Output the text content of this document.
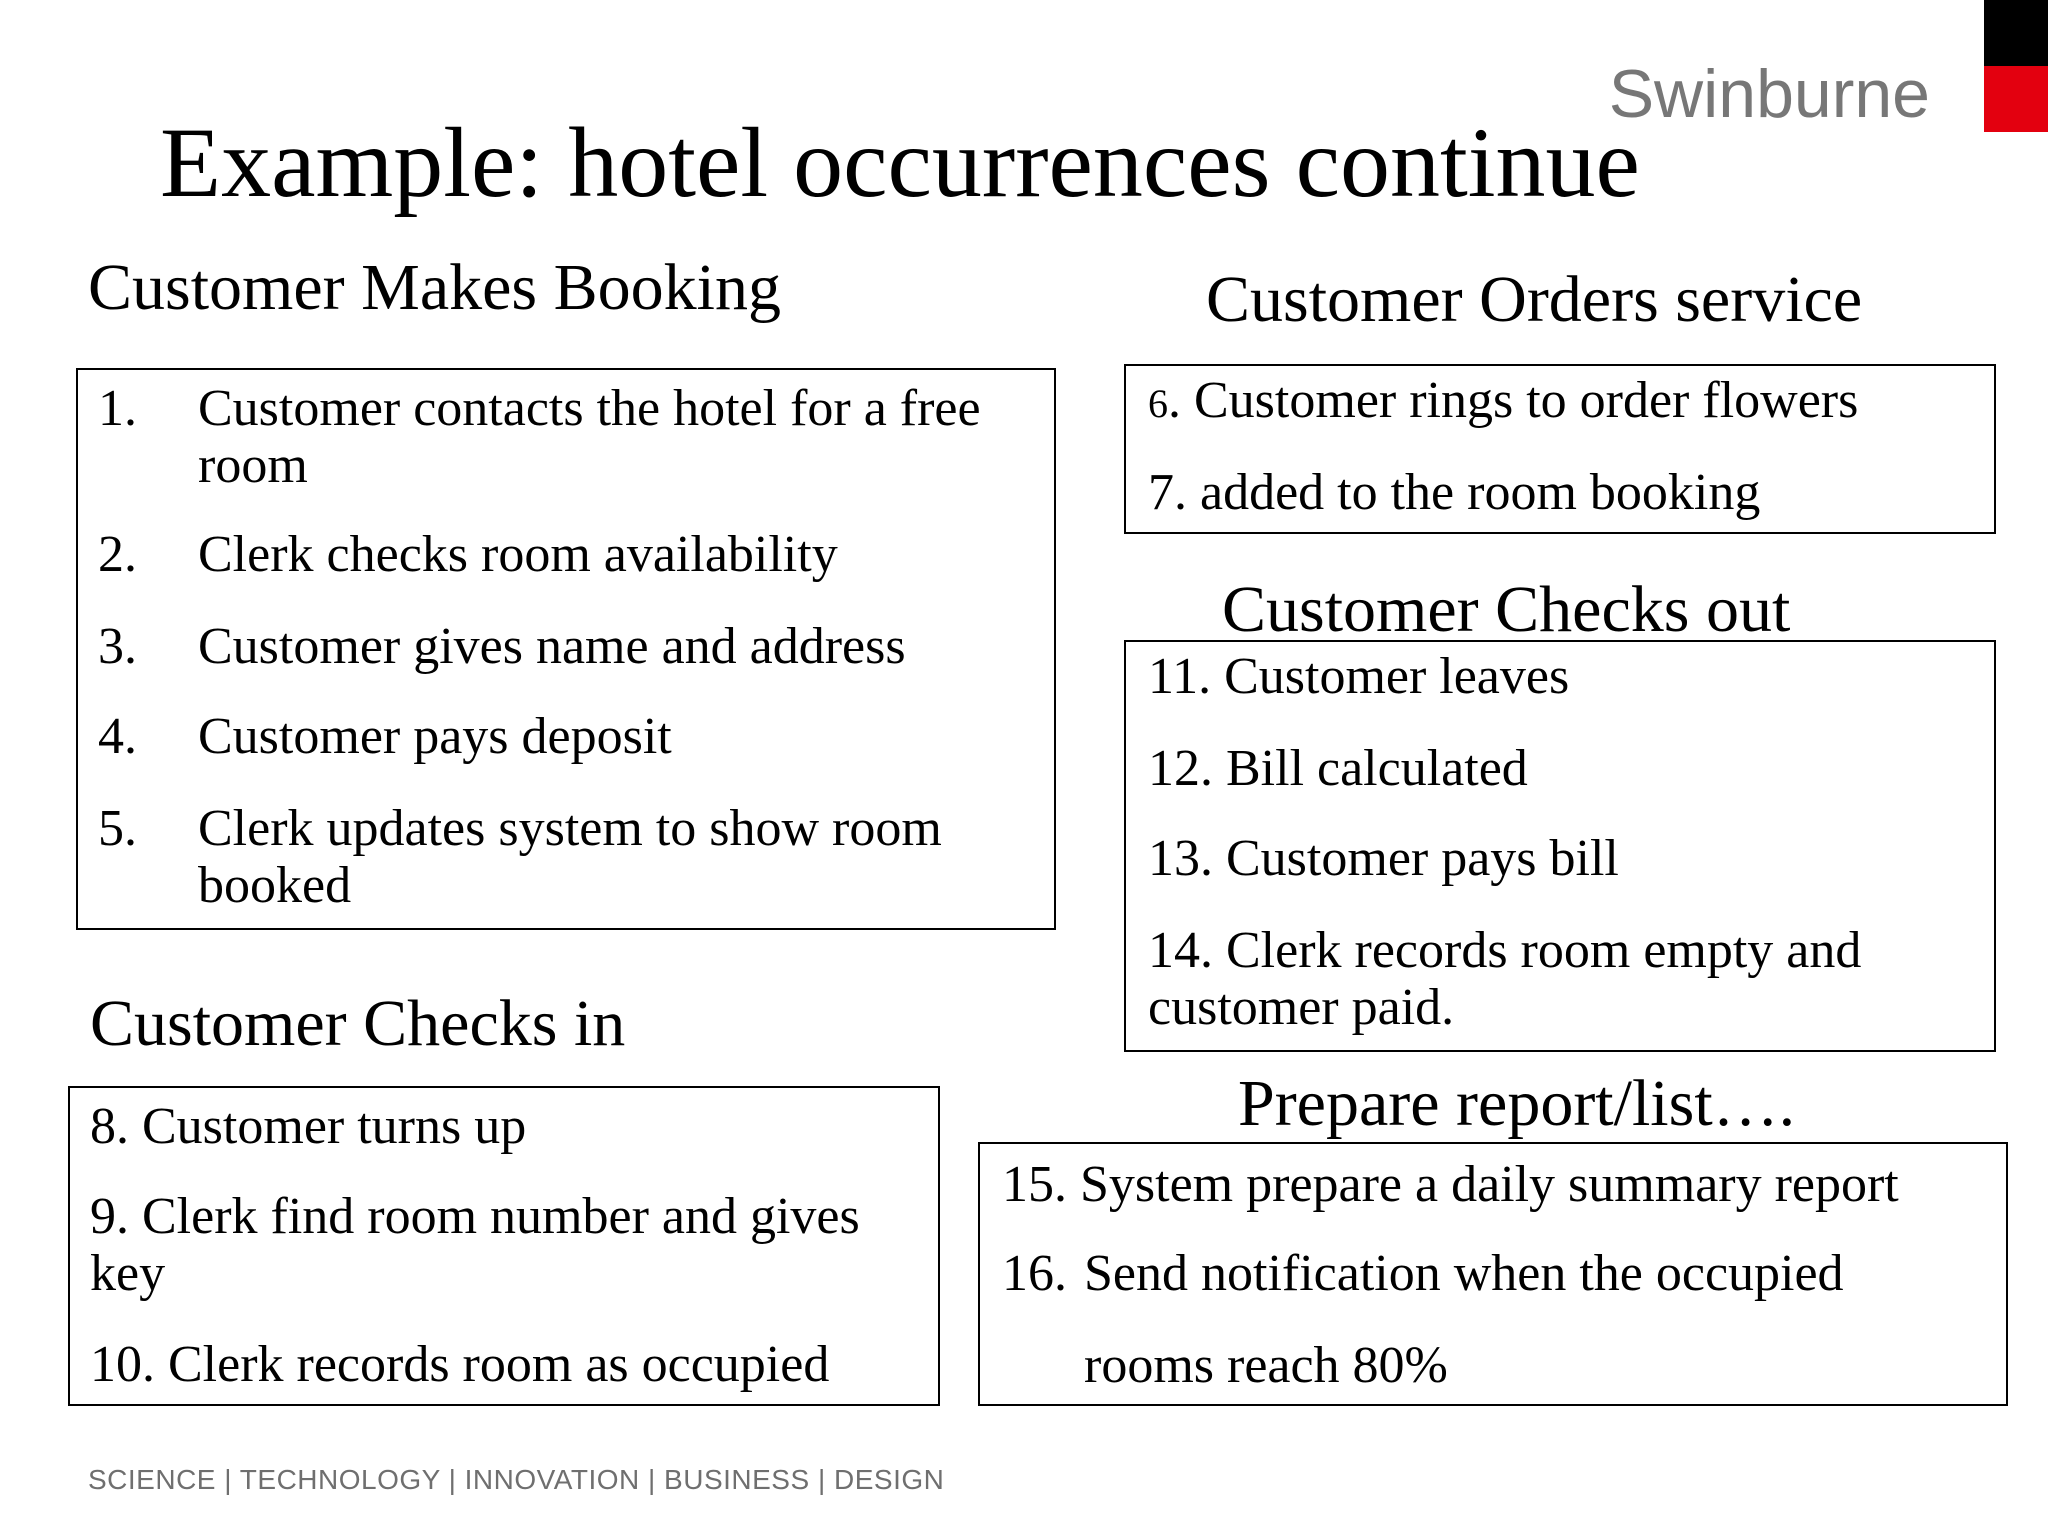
Swinburne
Example: hotel occurrences continue
Customer Makes Booking
1. Customer contacts the hotel for a free room
2. Clerk checks room availability
3. Customer gives name and address
4. Customer pays deposit
5. Clerk updates system to show room booked
Customer Orders service
6. Customer rings to order flowers
7. added to the room booking
Customer Checks out
11. Customer leaves
12. Bill calculated
13. Customer pays bill
14. Clerk records room empty and customer paid.
Customer Checks in
8. Customer turns up
9. Clerk find room number and gives key
10. Clerk records room as occupied
Prepare report/list….
15. System prepare a daily summary report
16. Send notification when the occupied rooms reach 80%
SCIENCE | TECHNOLOGY | INNOVATION | BUSINESS | DESIGN
